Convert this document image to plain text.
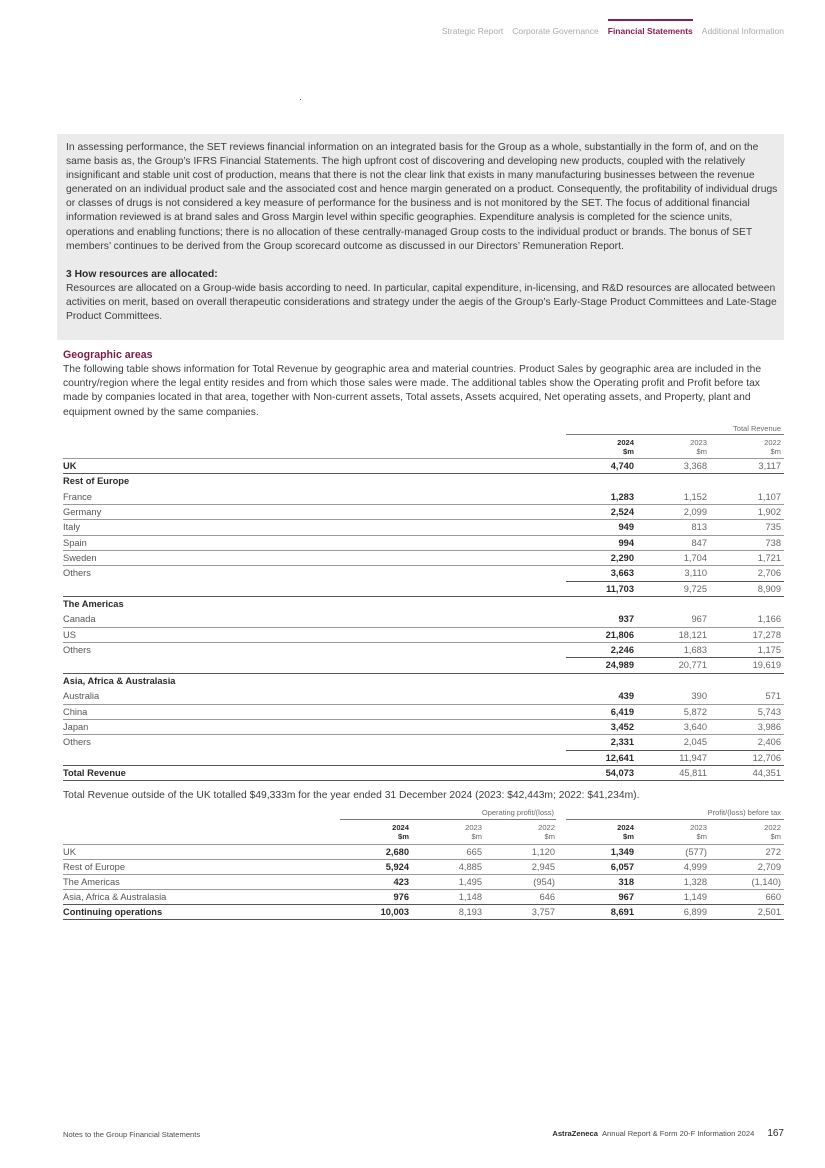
Strategic Report Corporate Governance Financial Statements Additional Information

In assessing performance, the SET reviews financial information on an integrated basis for the Group as a whole, substantially in the form of, and on the same basis as, the Group’s IFRS Financial Statements. The high upfront cost of discovering and developing new products, coupled with the relatively insignificant and stable unit cost of production, means that there is not the clear link that exists in many manufacturing businesses between the revenue generated on an individual product sale and the associated cost and hence margin generated on a product. Consequently, the profitability of individual drugs or classes of drugs is not considered a key measure of performance for the business and is not monitored by the SET. The focus of additional financial information reviewed is at brand sales and Gross Margin level within specific geographies. Expenditure analysis is completed for the science units, operations and enabling functions; there is no allocation of these centrally-managed Group costs to the individual product or brands. The bonus of SET members’ continues to be derived from the Group scorecard outcome as discussed in our Directors’ Remuneration Report.

3 How resources are allocated:

Resources are allocated on a Group-wide basis according to need. In particular, capital expenditure, in-licensing, and R&D resources are allocated between activities on merit, based on overall therapeutic considerations and strategy under the aegis of the Group’s Early-Stage Product Committees and Late-Stage Product Committees.

Geographic areas
The following table shows information for Total Revenue by geographic area and material countries. Product Sales by geographic area are included in the country/region where the legal entity resides and from which those sales were made. The additional tables show the Operating profit and Profit before tax made by companies located in that area, together with Non-current assets, Total assets, Assets acquired, Net operating assets, and Property, plant and equipment owned by the same companies.
Total Revenue
2024
$m
2023
$m
2022
$m
UK	4,740	3,368	3,117
Rest of Europe
France	1,283	1,152	1,107
Germany	2,524	2,099	1,902
Italy	949	813	735
Spain	994	847	738
Sweden	2,290	1,704	1,721
Others	3,663	3,110	2,706
11,703	9,725	8,909
The Americas
Canada	937	967	1,166
US	21,806	18,121	17,278
Others	2,246	1,683	1,175
24,989	20,771	19,619
Asia, Africa & Australasia
Australia	439	390	571
China	6,419	5,872	5,743
Japan	3,452	3,640	3,986
Others	2,331	2,045	2,406
12,641	11,947	12,706
Total Revenue	54,073	45,811	44,351
Total Revenue outside of the UK totalled $49,333m for the year ended 31 December 2024 (2023: $42,443m; 2022: $41,234m).
Operating profit/(loss)	Profit/(loss) before tax
2024
$m
2023
$m
2022
$m
2024
$m
2023
$m
2022
$m
UK	2,680	665	1,120	1,349	(577)	272
Rest of Europe	5,924	4,885	2,945	6,057	4,999	2,709
The Americas	423	1,495	(954)	318	1,328	(1,140)
Asia, Africa & Australasia	976	1,148	646	967	1,149	660
Continuing operations	10,003	8,193	3,757	8,691	6,899	2,501
Notes to the Group Financial Statements	AstraZeneca Annual Report & Form 20-F Information 2024 167
